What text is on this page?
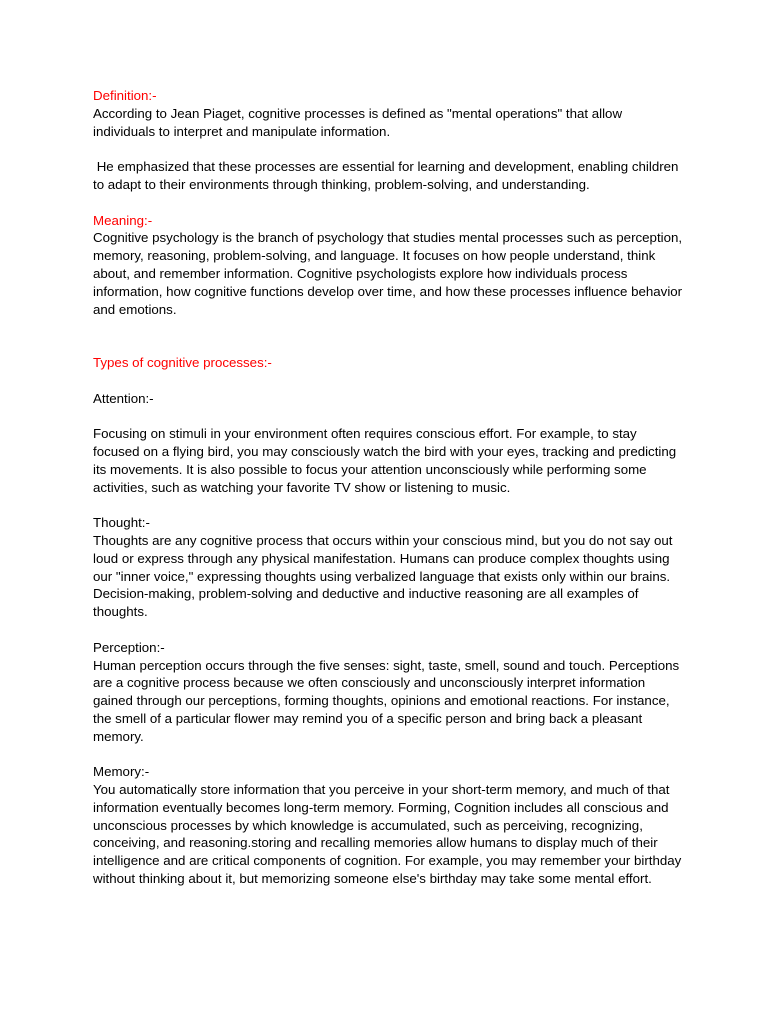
Definition:-

According to Jean Piaget, cognitive processes is defined as "mental operations" that allow individuals to interpret and manipulate information.

He emphasized that these processes are essential for learning and development, enabling children to adapt to their environments through thinking, problem-solving, and understanding.

Meaning:-

Cognitive psychology is the branch of psychology that studies mental processes such as perception, memory, reasoning, problem-solving, and language. It focuses on how people understand, think about, and remember information. Cognitive psychologists explore how individuals process information, how cognitive functions develop over time, and how these processes influence behavior and emotions.

Types of cognitive processes:-
Attention:-

Focusing on stimuli in your environment often requires conscious effort. For example, to stay focused on a flying bird, you may consciously watch the bird with your eyes, tracking and predicting its movements. It is also possible to focus your attention unconsciously while performing some activities, such as watching your favorite TV show or listening to music.

Thought:-

Thoughts are any cognitive process that occurs within your conscious mind, but you do not say out loud or express through any physical manifestation. Humans can produce complex thoughts using our "inner voice," expressing thoughts using verbalized language that exists only within our brains. Decision-making, problem-solving and deductive and inductive reasoning are all examples of thoughts.

Perception:-

Human perception occurs through the five senses: sight, taste, smell, sound and touch. Perceptions are a cognitive process because we often consciously and unconsciously interpret information gained through our perceptions, forming thoughts, opinions and emotional reactions. For instance, the smell of a particular flower may remind you of a specific person and bring back a pleasant memory.

Memory:-

You automatically store information that you perceive in your short-term memory, and much of that information eventually becomes long-term memory. Forming, Cognition includes all conscious and unconscious processes by which knowledge is accumulated, such as perceiving, recognizing, conceiving, and reasoning.storing and recalling memories allow humans to display much of their intelligence and are critical components of cognition. For example, you may remember your birthday without thinking about it, but memorizing someone else's birthday may take some mental effort.
